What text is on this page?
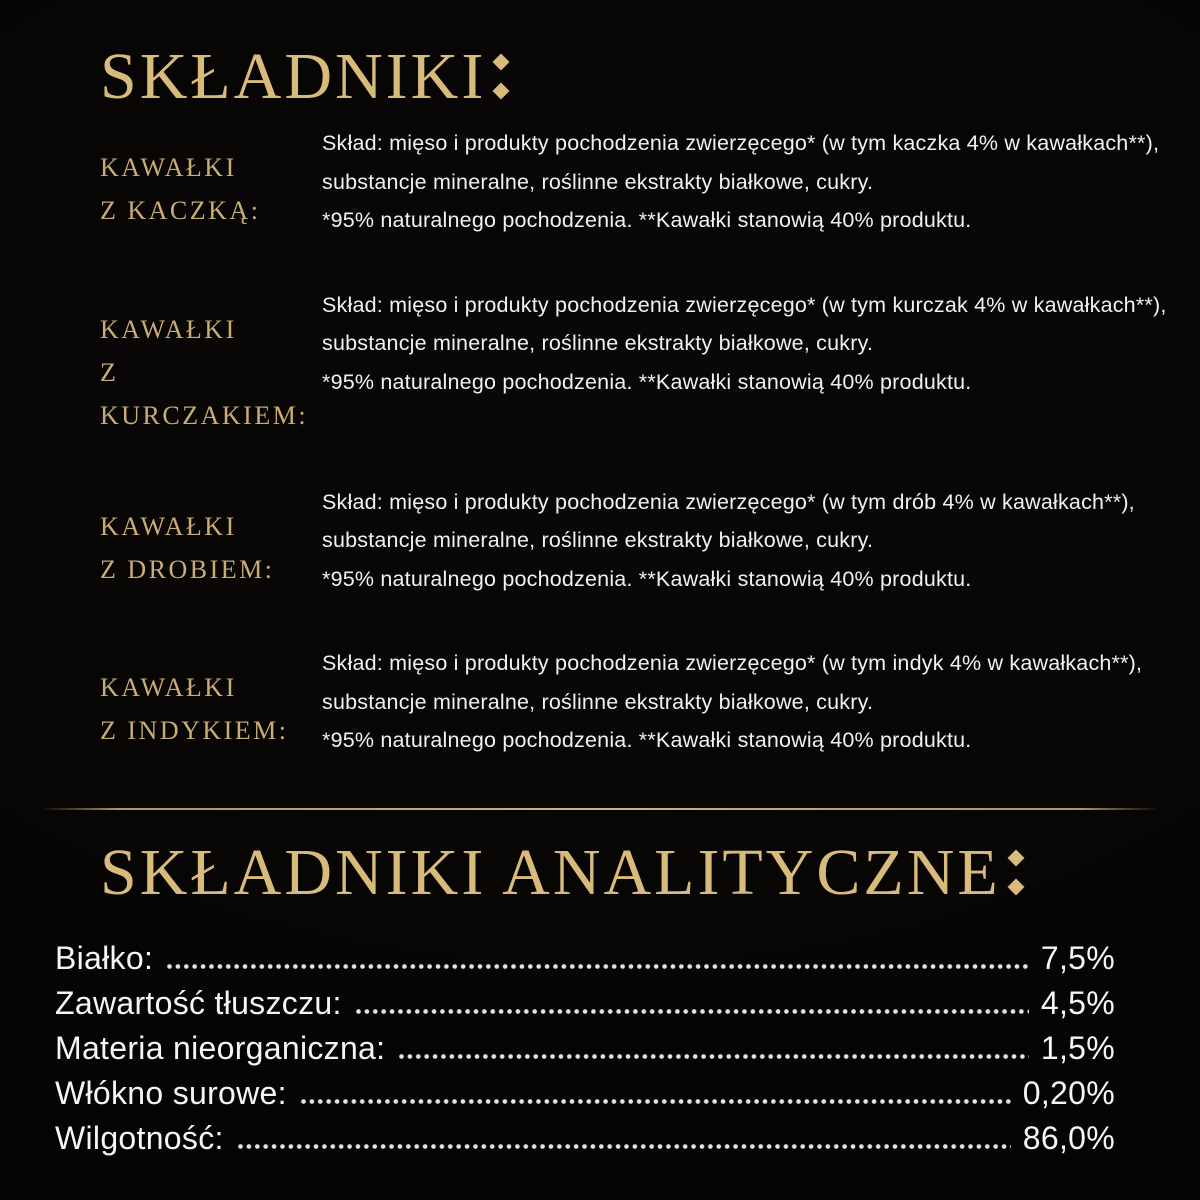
SKŁADNIKI
KAWAŁKI
Z KACZKĄ:
Skład: mięso i produkty pochodzenia zwierzęcego* (w tym kaczka 4% w kawałkach**),
substancje mineralne, roślinne ekstrakty białkowe, cukry.
*95% naturalnego pochodzenia. **Kawałki stanowią 40% produktu.
KAWAŁKI
Z KURCZAKIEM:
Skład: mięso i produkty pochodzenia zwierzęcego* (w tym kurczak 4% w kawałkach**),
substancje mineralne, roślinne ekstrakty białkowe, cukry.
*95% naturalnego pochodzenia. **Kawałki stanowią 40% produktu.
KAWAŁKI
Z DROBIEM:
Skład: mięso i produkty pochodzenia zwierzęcego* (w tym drób 4% w kawałkach**),
substancje mineralne, roślinne ekstrakty białkowe, cukry.
*95% naturalnego pochodzenia. **Kawałki stanowią 40% produktu.
KAWAŁKI
Z INDYKIEM:
Skład: mięso i produkty pochodzenia zwierzęcego* (w tym indyk 4% w kawałkach**),
substancje mineralne, roślinne ekstrakty białkowe, cukry.
*95% naturalnego pochodzenia. **Kawałki stanowią 40% produktu.
SKŁADNIKI ANALITYCZNE
Białko:	7,5%
Zawartość tłuszczu:	4,5%
Materia nieorganiczna:	1,5%
Włókno surowe:	0,20%
Wilgotność:	86,0%
